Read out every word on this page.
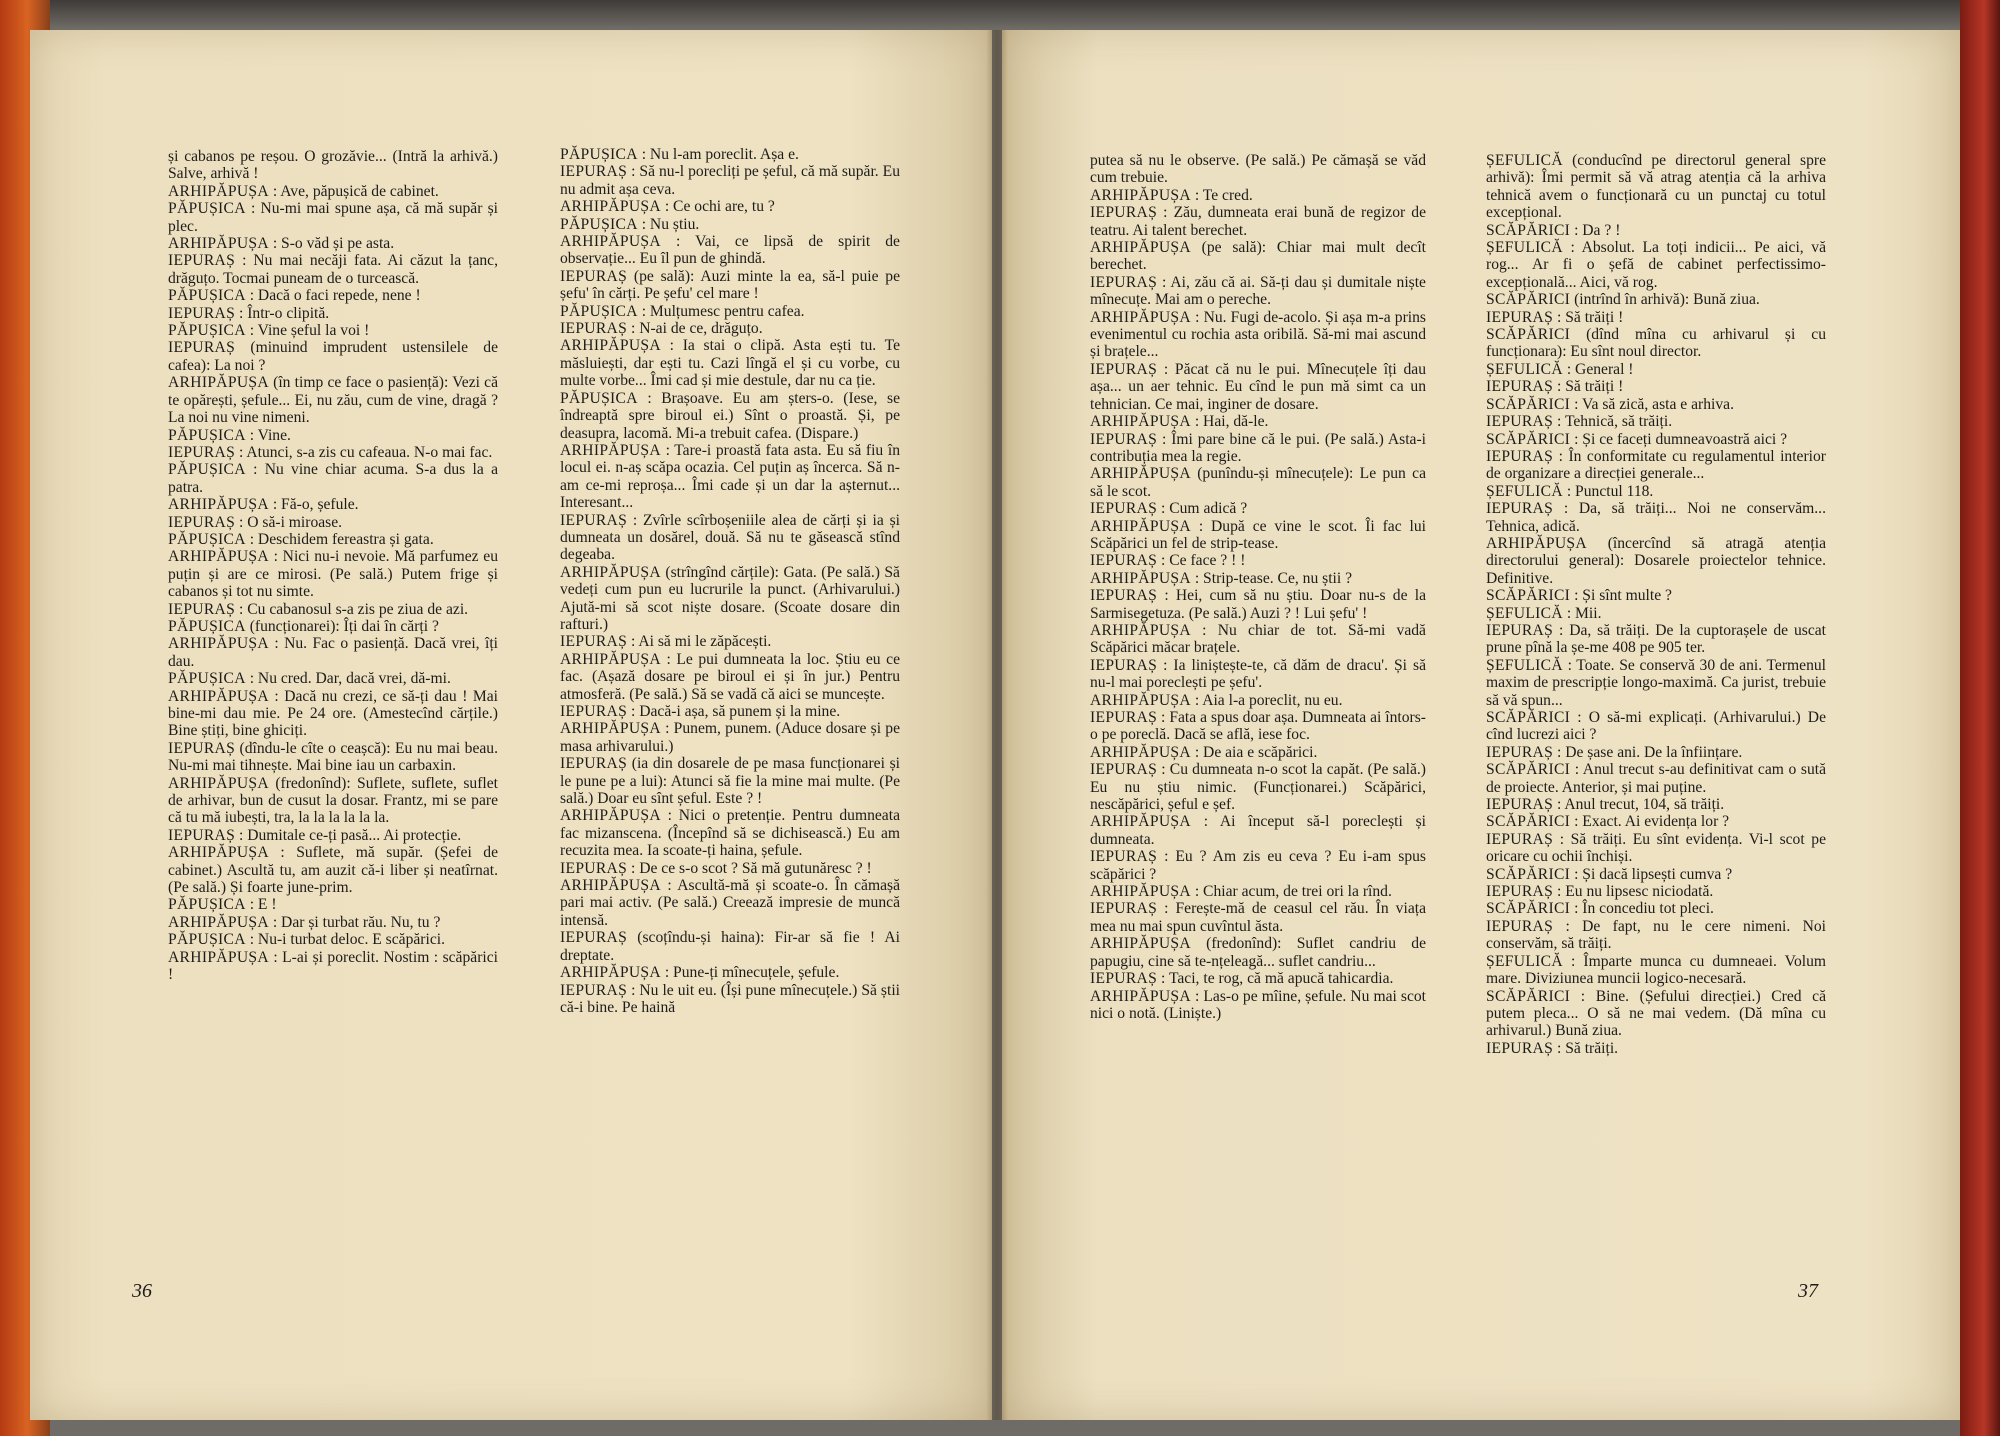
și cabanos pe reșou. O grozăvie... (Intră la arhivă.) Salve, arhivă !

ARHIPĂPUȘA : Ave, păpușică de cabinet.

PĂPUȘICA : Nu-mi mai spune așa, că mă supăr și plec.

ARHIPĂPUȘA : S-o văd și pe asta.

IEPURAȘ : Nu mai necăji fata. Ai căzut la țanc, drăguțo. Tocmai puneam de o turcească.

PĂPUȘICA : Dacă o faci repede, nene !

IEPURAȘ : Într-o clipită.

PĂPUȘICA : Vine șeful la voi !

IEPURAȘ (minuind imprudent ustensilele de cafea): La noi ?

ARHIPĂPUȘA (în timp ce face o pasiență): Vezi că te opărești, șefule... Ei, nu zău, cum de vine, dragă ? La noi nu vine nimeni.

PĂPUȘICA : Vine.

IEPURAȘ : Atunci, s-a zis cu cafeaua. N-o mai fac.

PĂPUȘICA : Nu vine chiar acuma. S-a dus la a patra.

ARHIPĂPUȘA : Fă-o, șefule.

IEPURAȘ : O să-i miroase.

PĂPUȘICA : Deschidem fereastra și gata.

ARHIPĂPUȘA : Nici nu-i nevoie. Mă parfumez eu puțin și are ce mirosi. (Pe sală.) Putem frige și cabanos și tot nu simte.

IEPURAȘ : Cu cabanosul s-a zis pe ziua de azi.

PĂPUȘICA (funcționarei): Îți dai în cărți ?

ARHIPĂPUȘA : Nu. Fac o pasiență. Dacă vrei, îți dau.

PĂPUȘICA : Nu cred. Dar, dacă vrei, dă-mi.

ARHIPĂPUȘA : Dacă nu crezi, ce să-ți dau ! Mai bine-mi dau mie. Pe 24 ore. (Amestecînd cărțile.) Bine știți, bine ghiciți.

IEPURAȘ (dîndu-le cîte o ceașcă): Eu nu mai beau. Nu-mi mai tihnește. Mai bine iau un carbaxin.

ARHIPĂPUȘA (fredonînd): Suflete, suflete, suflet de arhivar, bun de cusut la dosar. Frantz, mi se pare că tu mă iubești, tra, la la la la la la.

IEPURAȘ : Dumitale ce-ți pasă... Ai protecție.

ARHIPĂPUȘA : Suflete, mă supăr. (Șefei de cabinet.) Ascultă tu, am auzit că-i liber și neatîrnat. (Pe sală.) Și foarte june-prim.

PĂPUȘICA : E !

ARHIPĂPUȘA : Dar și turbat rău. Nu, tu ?

PĂPUȘICA : Nu-i turbat deloc. E scăpărici.

ARHIPĂPUȘA : L-ai și poreclit. Nostim : scăpărici !

PĂPUȘICA : Nu l-am poreclit. Așa e.

IEPURAȘ : Să nu-l porecliți pe șeful, că mă supăr. Eu nu admit așa ceva.

ARHIPĂPUȘA : Ce ochi are, tu ?

PĂPUȘICA : Nu știu.

ARHIPĂPUȘA : Vai, ce lipsă de spirit de observație... Eu îl pun de ghindă.

IEPURAȘ (pe sală): Auzi minte la ea, să-l puie pe șefu' în cărți. Pe șefu' cel mare !

PĂPUȘICA : Mulțumesc pentru cafea.

IEPURAȘ : N-ai de ce, drăguțo.

ARHIPĂPUȘA : Ia stai o clipă. Asta ești tu. Te măsluiești, dar ești tu. Cazi lîngă el și cu vorbe, cu multe vorbe... Îmi cad și mie destule, dar nu ca ție.

PĂPUȘICA : Brașoave. Eu am șters-o. (Iese, se îndreaptă spre biroul ei.) Sînt o proastă. Și, pe deasupra, lacomă. Mi-a trebuit cafea. (Dispare.)

ARHIPĂPUȘA : Tare-i proastă fata asta. Eu să fiu în locul ei. n-aș scăpa ocazia. Cel puțin aș încerca. Să n-am ce-mi reproșa... Îmi cade și un dar la așternut... Interesant...

IEPURAȘ : Zvîrle scîrboșeniile alea de cărți și ia și dumneata un dosărel, două. Să nu te găsească stînd degeaba.

ARHIPĂPUȘA (strîngînd cărțile): Gata. (Pe sală.) Să vedeți cum pun eu lucrurile la punct. (Arhivarului.) Ajută-mi să scot niște dosare. (Scoate dosare din rafturi.)

IEPURAȘ : Ai să mi le zăpăcești.

ARHIPĂPUȘA : Le pui dumneata la loc. Știu eu ce fac. (Așază dosare pe biroul ei și în jur.) Pentru atmosferă. (Pe sală.) Să se vadă că aici se muncește.

IEPURAȘ : Dacă-i așa, să punem și la mine.

ARHIPĂPUȘA : Punem, punem. (Aduce dosare și pe masa arhivarului.)

IEPURAȘ (ia din dosarele de pe masa funcționarei și le pune pe a lui): Atunci să fie la mine mai multe. (Pe sală.) Doar eu sînt șeful. Este ? !

ARHIPĂPUȘA : Nici o pretenție. Pentru dumneata fac mizanscena. (Începînd să se dichisească.) Eu am recuzita mea. Ia scoate-ți haina, șefule.

IEPURAȘ : De ce s-o scot ? Să mă gutunăresc ? !

ARHIPĂPUȘA : Ascultă-mă și scoate-o. În cămașă pari mai activ. (Pe sală.) Creează impresie de muncă intensă.

IEPURAȘ (scoțîndu-și haina): Fir-ar să fie ! Ai dreptate.

ARHIPĂPUȘA : Pune-ți mînecuțele, șefule.

IEPURAȘ : Nu le uit eu. (Își pune mînecuțele.) Să știi că-i bine. Pe haină

36

putea să nu le observe. (Pe sală.) Pe cămașă se văd cum trebuie.

ARHIPĂPUȘA : Te cred.

IEPURAȘ : Zău, dumneata erai bună de regizor de teatru. Ai talent berechet.

ARHIPĂPUȘA (pe sală): Chiar mai mult decît berechet.

IEPURAȘ : Ai, zău că ai. Să-ți dau și dumitale niște mînecuțe. Mai am o pereche.

ARHIPĂPUȘA : Nu. Fugi de-acolo. Și așa m-a prins evenimentul cu rochia asta oribilă. Să-mi mai ascund și brațele...

IEPURAȘ : Păcat că nu le pui. Mînecuțele îți dau așa... un aer tehnic. Eu cînd le pun mă simt ca un tehnician. Ce mai, inginer de dosare.

ARHIPĂPUȘA : Hai, dă-le.

IEPURAȘ : Îmi pare bine că le pui. (Pe sală.) Asta-i contribuția mea la regie.

ARHIPĂPUȘA (punîndu-și mînecuțele): Le pun ca să le scot.

IEPURAȘ : Cum adică ?

ARHIPĂPUȘA : După ce vine le scot. Îi fac lui Scăpărici un fel de strip-tease.

IEPURAȘ : Ce face ? ! !

ARHIPĂPUȘA : Strip-tease. Ce, nu știi ?

IEPURAȘ : Hei, cum să nu știu. Doar nu-s de la Sarmisegetuza. (Pe sală.) Auzi ? ! Lui șefu' !

ARHIPĂPUȘA : Nu chiar de tot. Să-mi vadă Scăpărici măcar brațele.

IEPURAȘ : Ia liniștește-te, că dăm de dracu'. Și să nu-l mai poreclești pe șefu'.

ARHIPĂPUȘA : Aia l-a poreclit, nu eu.

IEPURAȘ : Fata a spus doar așa. Dumneata ai întors-o pe poreclă. Dacă se află, iese foc.

ARHIPĂPUȘA : De aia e scăpărici.

IEPURAȘ : Cu dumneata n-o scot la capăt. (Pe sală.) Eu nu știu nimic. (Funcționarei.) Scăpărici, nescăpărici, șeful e șef.

ARHIPĂPUȘA : Ai început să-l poreclești și dumneata.

IEPURAȘ : Eu ? Am zis eu ceva ? Eu i-am spus scăpărici ?

ARHIPĂPUȘA : Chiar acum, de trei ori la rînd.

IEPURAȘ : Ferește-mă de ceasul cel rău. În viața mea nu mai spun cuvîntul ăsta.

ARHIPĂPUȘA (fredonînd): Suflet candriu de papugiu, cine să te-nțeleagă... suflet candriu...

IEPURAȘ : Taci, te rog, că mă apucă tahicardia.

ARHIPĂPUȘA : Las-o pe mîine, șefule. Nu mai scot nici o notă. (Liniște.)

ȘEFULICĂ (conducînd pe directorul general spre arhivă): Îmi permit să vă atrag atenția că la arhiva tehnică avem o funcționară cu un punctaj cu totul excepțional.

SCĂPĂRICI : Da ? !

ȘEFULICĂ : Absolut. La toți indicii... Pe aici, vă rog... Ar fi o șefă de cabinet perfectissimo-excepțională... Aici, vă rog.

SCĂPĂRICI (intrînd în arhivă): Bună ziua.

IEPURAȘ : Să trăiți !

SCĂPĂRICI (dînd mîna cu arhivarul și cu funcționara): Eu sînt noul director.

ȘEFULICĂ : General !

IEPURAȘ : Să trăiți !

SCĂPĂRICI : Va să zică, asta e arhiva.

IEPURAȘ : Tehnică, să trăiți.

SCĂPĂRICI : Și ce faceți dumneavoastră aici ?

IEPURAȘ : În conformitate cu regulamentul interior de organizare a direcției generale...

ȘEFULICĂ : Punctul 118.

IEPURAȘ : Da, să trăiți... Noi ne conservăm... Tehnica, adică.

ARHIPĂPUȘA (încercînd să atragă atenția directorului general): Dosarele proiectelor tehnice. Definitive.

SCĂPĂRICI : Și sînt multe ?

ȘEFULICĂ : Mii.

IEPURAȘ : Da, să trăiți. De la cuptorașele de uscat prune pînă la șe-me 408 pe 905 ter.

ȘEFULICĂ : Toate. Se conservă 30 de ani. Termenul maxim de prescripție longo-maximă. Ca jurist, trebuie să vă spun...

SCĂPĂRICI : O să-mi explicați. (Arhivarului.) De cînd lucrezi aici ?

IEPURAȘ : De șase ani. De la înființare.

SCĂPĂRICI : Anul trecut s-au definitivat cam o sută de proiecte. Anterior, și mai puține.

IEPURAȘ : Anul trecut, 104, să trăiți.

SCĂPĂRICI : Exact. Ai evidența lor ?

IEPURAȘ : Să trăiți. Eu sînt evidența. Vi-l scot pe oricare cu ochii închiși.

SCĂPĂRICI : Și dacă lipsești cumva ?

IEPURAȘ : Eu nu lipsesc niciodată.

SCĂPĂRICI : În concediu tot pleci.

IEPURAȘ : De fapt, nu le cere nimeni. Noi conservăm, să trăiți.

ȘEFULICĂ : Împarte munca cu dumneaei. Volum mare. Diviziunea muncii logico-necesară.

SCĂPĂRICI : Bine. (Șefului direcției.) Cred că putem pleca... O să ne mai vedem. (Dă mîna cu arhivarul.) Bună ziua.

IEPURAȘ : Să trăiți.

37
